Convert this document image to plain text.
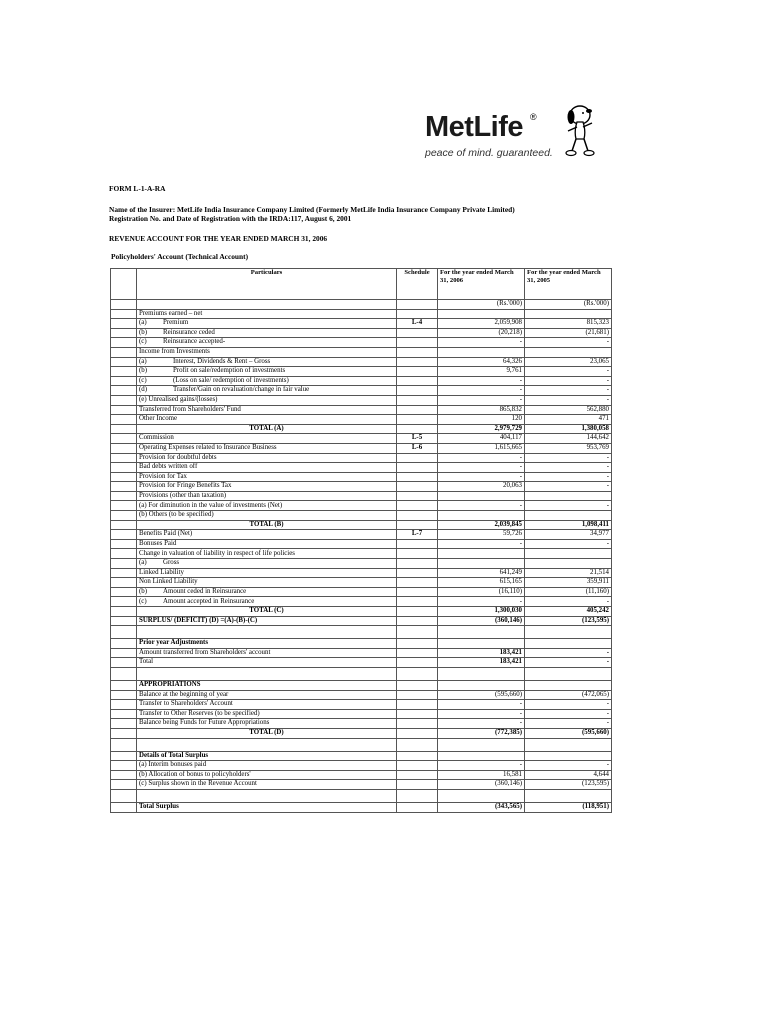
MetLife ®
peace of mind. guaranteed.
FORM L-1-A-RA
Name of the Insurer: MetLife India Insurance Company Limited (Formerly MetLife India Insurance Company Private Limited)
Registration No. and Date of Registration with the IRDA:117, August 6, 2001
REVENUE ACCOUNT FOR THE YEAR ENDED MARCH 31, 2006
Policyholders' Account (Technical Account)
	Particulars	Schedule	For the year ended March 31, 2006	For the year ended March 31, 2005
			(Rs.'000)	(Rs.'000)
	Premiums earned – net			
	(a) Premium	L-4	2,059,908	815,323
	(b) Reinsurance ceded		(20,218)	(21,681)
	(c) Reinsurance accepted-		-	-
	Income from Investments			
	(a) Interest, Dividends & Rent – Gross		64,326	23,065
	(b) Profit on sale/redemption of investments		9,761	-
	(c) (Loss on sale/ redemption of investments)		-	-
	(d) Transfer/Gain on revaluation/change in fair value		-	-
	(e) Unrealised gains/(losses)		-	-
	Transferred from Shareholders' Fund		865,832	562,880
	Other Income		120	471
	TOTAL (A)		2,979,729	1,380,058
	Commission	L-5	404,117	144,642
	Operating Expenses related to Insurance Business	L-6	1,615,665	953,769
	Provision for doubtful debts		-	-
	Bad debts written off		-	-
	Provision for Tax		-	-
	Provision for Fringe Benefits Tax		20,063	-
	Provisions (other than taxation)			
	(a) For diminution in the value of investments (Net)		-	-
	(b) Others (to be specified)			
	TOTAL (B)		2,039,845	1,098,411
	Benefits Paid (Net)	L-7	59,726	34,977
	Bonuses Paid		-	-
	Change in valuation of liability in respect of life policies			
	(a) Gross			
	Linked Liability		641,249	21,514
	Non Linked Liability		615,165	359,911
	(b) Amount ceded in Reinsurance		(16,110)	(11,160)
	(c) Amount accepted in Reinsurance		-	-
	TOTAL (C)		1,300,030	405,242
	SURPLUS/ (DEFICIT) (D) =(A)-(B)-(C)		(360,146)	(123,595)

	Prior year Adjustments			
	Amount transferred from Shareholders' account		183,421	-
	Total		183,421	-

	APPROPRIATIONS			
	Balance at the beginning of year		(595,660)	(472,065)
	Transfer to Shareholders' Account		-	-
	Transfer to Other Reserves (to be specified)		-	-
	Balance being Funds for Future Appropriations		-	-
	TOTAL (D)		(772,385)	(595,660)

	Details of Total Surplus			
	(a) Interim bonuses paid		-	-
	(b) Allocation of bonus to policyholders'		16,581	4,644
	(c) Surplus shown in the Revenue Account		(360,146)	(123,595)

	Total Surplus		(343,565)	(118,951)
